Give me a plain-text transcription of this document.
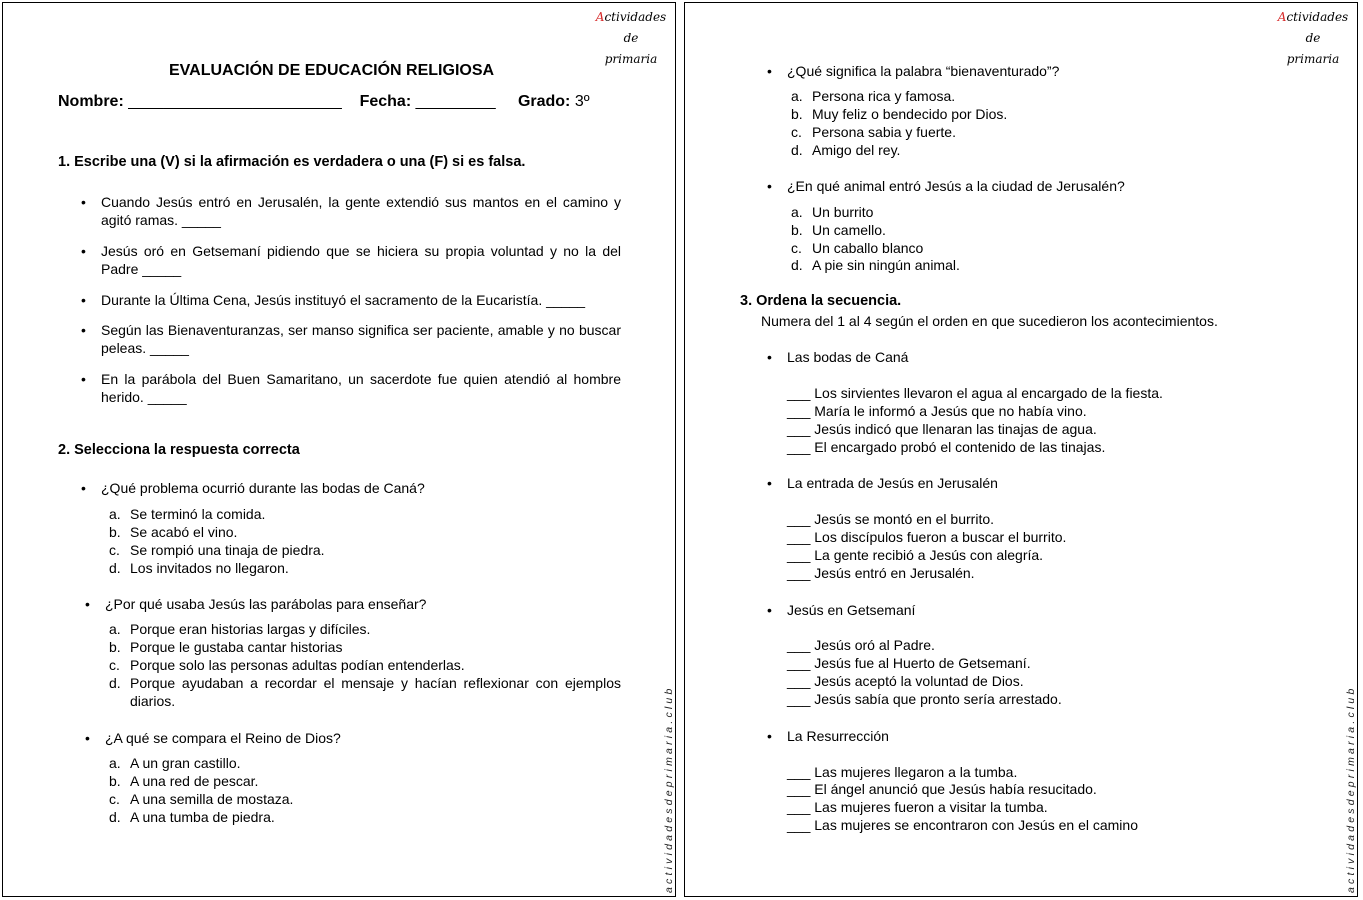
Actividades de
primaria
actividadesdeprimaria.club
EVALUACIÓN DE EDUCACIÓN RELIGIOSA
Nombre: ________________________ Fecha: _________ Grado: 3º
1. Escribe una (V) si la afirmación es verdadera o una (F) si es falsa.
• Cuando Jesús entró en Jerusalén, la gente extendió sus mantos en el camino y agitó ramas. _____
• Jesús oró en Getsemaní pidiendo que se hiciera su propia voluntad y no la del Padre _____
• Durante la Última Cena, Jesús instituyó el sacramento de la Eucaristía. _____
• Según las Bienaventuranzas, ser manso significa ser paciente, amable y no buscar peleas. _____
• En la parábola del Buen Samaritano, un sacerdote fue quien atendió al hombre herido. _____
2. Selecciona la respuesta correcta
• ¿Qué problema ocurrió durante las bodas de Caná?
a. Se terminó la comida.
b. Se acabó el vino.
c. Se rompió una tinaja de piedra.
d. Los invitados no llegaron.
• ¿Por qué usaba Jesús las parábolas para enseñar?
a. Porque eran historias largas y difíciles.
b. Porque le gustaba cantar historias
c. Porque solo las personas adultas podían entenderlas.
d. Porque ayudaban a recordar el mensaje y hacían reflexionar con ejemplos diarios.
• ¿A qué se compara el Reino de Dios?
a. A un gran castillo.
b. A una red de pescar.
c. A una semilla de mostaza.
d. A una tumba de piedra.
Actividades de
primaria
actividadesdeprimaria.club
• ¿Qué significa la palabra “bienaventurado”?
a. Persona rica y famosa.
b. Muy feliz o bendecido por Dios.
c. Persona sabia y fuerte.
d. Amigo del rey.
• ¿En qué animal entró Jesús a la ciudad de Jerusalén?
a. Un burrito
b. Un camello.
c. Un caballo blanco
d. A pie sin ningún animal.
3. Ordena la secuencia.
Numera del 1 al 4 según el orden en que sucedieron los acontecimientos.
• Las bodas de Caná
___ Los sirvientes llevaron el agua al encargado de la fiesta.
___ María le informó a Jesús que no había vino.
___ Jesús indicó que llenaran las tinajas de agua.
___ El encargado probó el contenido de las tinajas.
• La entrada de Jesús en Jerusalén
___ Jesús se montó en el burrito.
___ Los discípulos fueron a buscar el burrito.
___ La gente recibió a Jesús con alegría.
___ Jesús entró en Jerusalén.
• Jesús en Getsemaní
___ Jesús oró al Padre.
___ Jesús fue al Huerto de Getsemaní.
___ Jesús aceptó la voluntad de Dios.
___ Jesús sabía que pronto sería arrestado.
• La Resurrección
___ Las mujeres llegaron a la tumba.
___ El ángel anunció que Jesús había resucitado.
___ Las mujeres fueron a visitar la tumba.
___ Las mujeres se encontraron con Jesús en el camino
